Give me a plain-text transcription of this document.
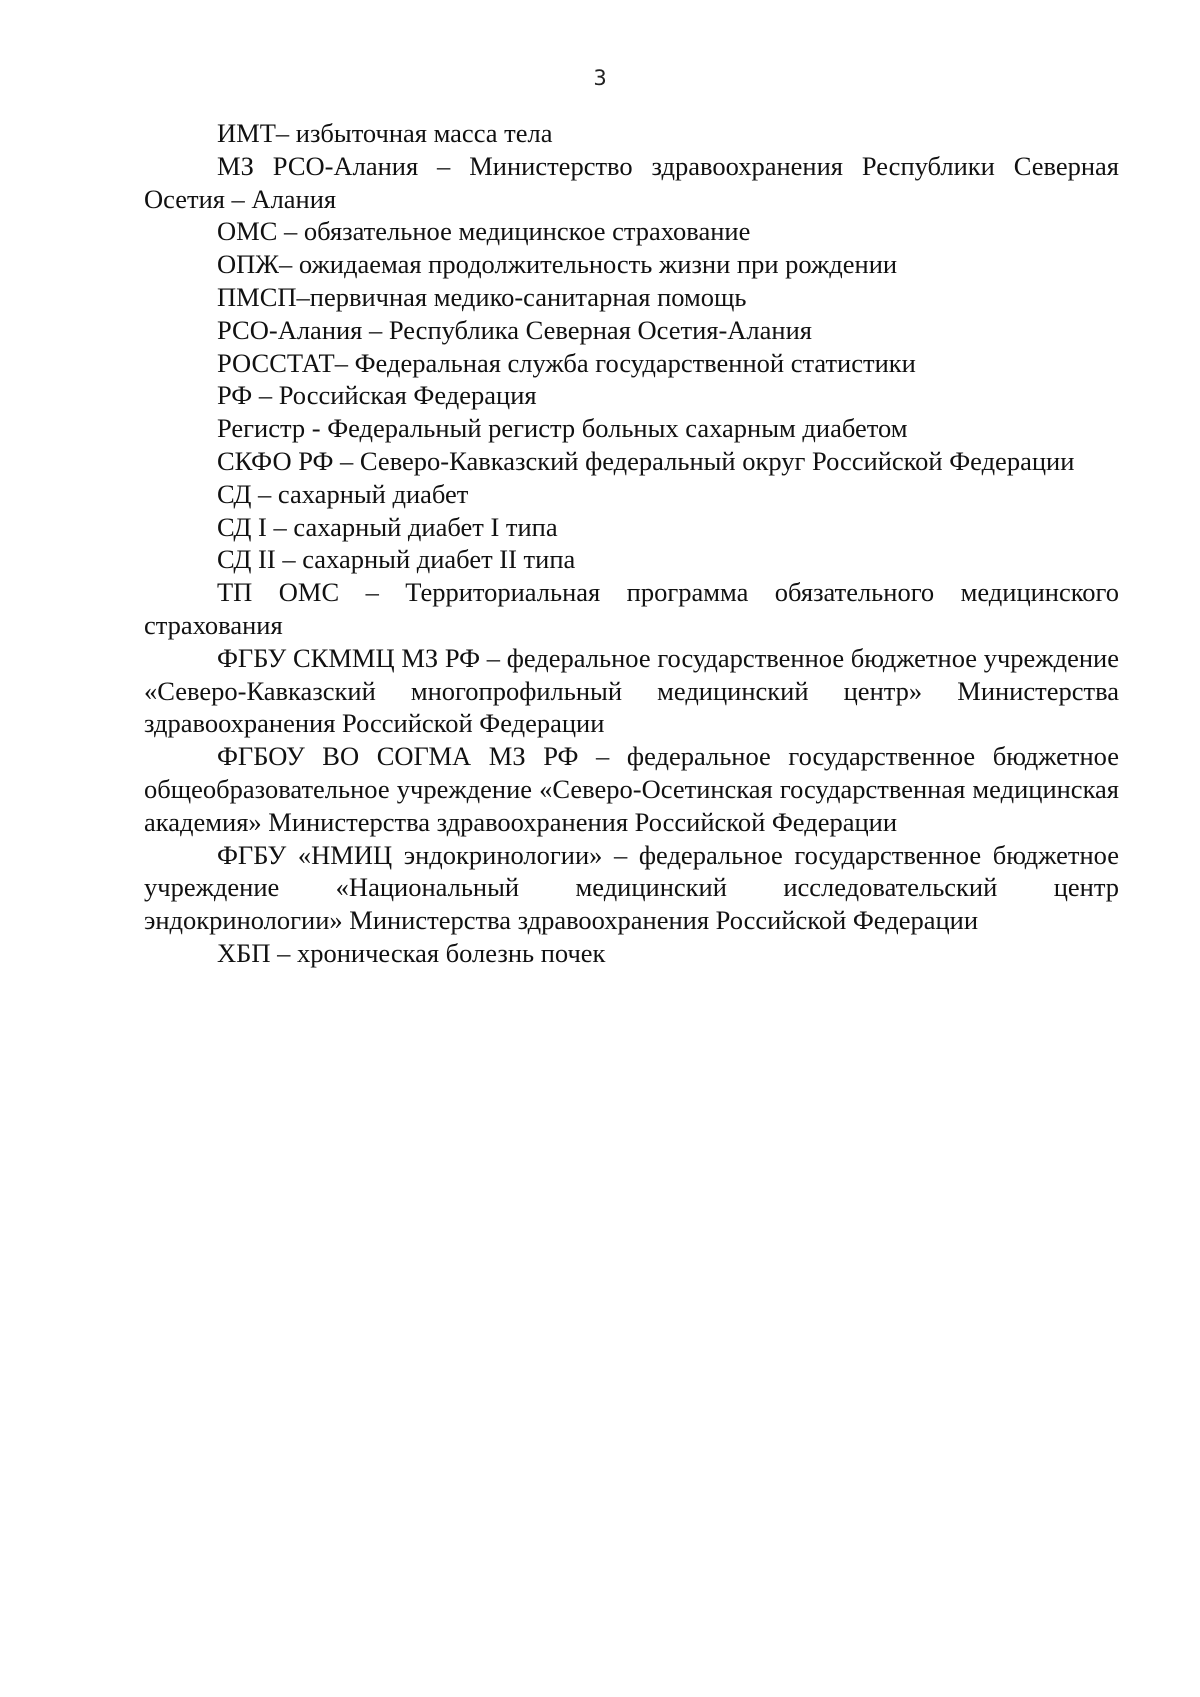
3

ИМТ– избыточная масса тела

МЗ РСО-Алания – Министерство здравоохранения Республики Северная Осетия – Алания

ОМС – обязательное медицинское страхование

ОПЖ– ожидаемая продолжительность жизни при рождении

ПМСП–первичная медико-санитарная помощь

РСО-Алания – Республика Северная Осетия-Алания

РОССТАТ– Федеральная служба государственной статистики

РФ – Российская Федерация

Регистр - Федеральный регистр больных сахарным диабетом

СКФО РФ – Северо-Кавказский федеральный округ Российской Федерации

СД – сахарный диабет

СД I – сахарный диабет I типа

СД II – сахарный диабет II типа

ТП ОМС – Территориальная программа обязательного медицинского страхования

ФГБУ СКММЦ МЗ РФ – федеральное государственное бюджетное учреждение «Северо-Кавказский многопрофильный медицинский центр» Министерства здравоохранения Российской Федерации

ФГБОУ ВО СОГМА МЗ РФ – федеральное государственное бюджетное общеобразовательное учреждение «Северо-Осетинская государственная медицинская академия» Министерства здравоохранения Российской Федерации

ФГБУ «НМИЦ эндокринологии» – федеральное государственное бюджетное учреждение «Национальный медицинский исследовательский центр эндокринологии» Министерства здравоохранения Российской Федерации

ХБП – хроническая болезнь почек
